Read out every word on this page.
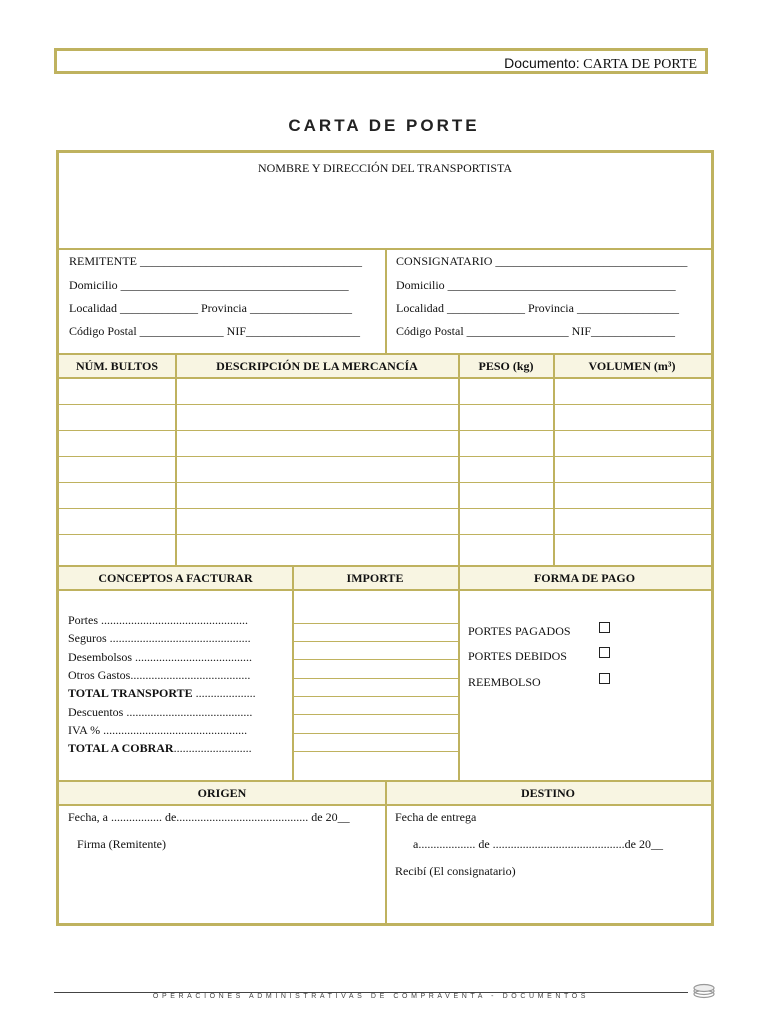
Documento: CARTA DE PORTE
CARTA DE PORTE
NOMBRE Y DIRECCIÓN DEL TRANSPORTISTA
REMITENTE _____________________________________
Domicilio ______________________________________
Localidad _____________ Provincia _________________
Código Postal ______________ NIF___________________
CONSIGNATARIO ________________________________
Domicilio ______________________________________
Localidad _____________ Provincia _________________
Código Postal _________________ NIF______________
NÚM. BULTOS	DESCRIPCIÓN DE LA MERCANCÍA	PESO (kg)	VOLUMEN (m³)
CONCEPTOS A FACTURAR	IMPORTE	FORMA DE PAGO
Portes .................................................
Seguros ...............................................
Desembolsos .......................................
Otros Gastos........................................
TOTAL TRANSPORTE ....................
Descuentos ..........................................
IVA % ................................................
TOTAL A COBRAR..........................
PORTES PAGADOS
PORTES DEBIDOS
REEMBOLSO
ORIGEN	DESTINO
Fecha, a ................. de............................................ de 20__
Firma (Remitente)
Fecha de entrega
a................... de ............................................de 20__
Recibí (El consignatario)
OPERACIONES ADMINISTRATIVAS DE COMPRAVENTA - DOCUMENTOS
